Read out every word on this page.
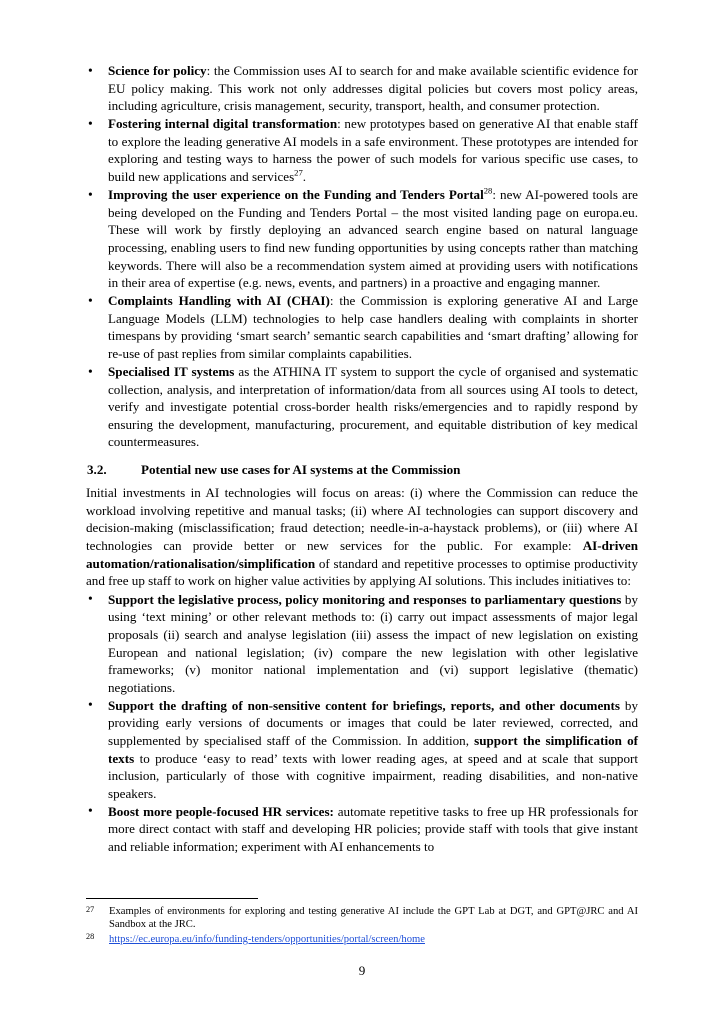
• Science for policy: the Commission uses AI to search for and make available scientific evidence for EU policy making. This work not only addresses digital policies but covers most policy areas, including agriculture, crisis management, security, transport, health, and consumer protection.
• Fostering internal digital transformation: new prototypes based on generative AI that enable staff to explore the leading generative AI models in a safe environment. These prototypes are intended for exploring and testing ways to harness the power of such models for various specific use cases, to build new applications and services$^{27}$.
• Improving the user experience on the Funding and Tenders Portal$^{28}$: new AI-powered tools are being developed on the Funding and Tenders Portal – the most visited landing page on europa.eu. These will work by firstly deploying an advanced search engine based on natural language processing, enabling users to find new funding opportunities by using concepts rather than matching keywords. There will also be a recommendation system aimed at providing users with notifications in their area of expertise (e.g. news, events, and partners) in a proactive and engaging manner.
• Complaints Handling with AI (CHAI): the Commission is exploring generative AI and Large Language Models (LLM) technologies to help case handlers dealing with complaints in shorter timespans by providing ‘smart search’ semantic search capabilities and ‘smart drafting’ allowing for re-use of past replies from similar complaints capabilities.
• Specialised IT systems as the ATHINA IT system to support the cycle of organised and systematic collection, analysis, and interpretation of information/data from all sources using AI tools to detect, verify and investigate potential cross-border health risks/emergencies and to rapidly respond by ensuring the development, manufacturing, procurement, and equitable distribution of key medical countermeasures.
3.2.	Potential new use cases for AI systems at the Commission

Initial investments in AI technologies will focus on areas: (i) where the Commission can reduce the workload involving repetitive and manual tasks; (ii) where AI technologies can support discovery and decision-making (misclassification; fraud detection; needle-in-a-haystack problems), or (iii) where AI technologies can provide better or new services for the public. For example: AI-driven automation/rationalisation/simplification of standard and repetitive processes to optimise productivity and free up staff to work on higher value activities by applying AI solutions. This includes initiatives to:

• Support the legislative process, policy monitoring and responses to parliamentary questions by using ‘text mining’ or other relevant methods to: (i) carry out impact assessments of major legal proposals (ii) search and analyse legislation (iii) assess the impact of new legislation on existing European and national legislation; (iv) compare the new legislation with other legislative frameworks; (v) monitor national implementation and (vi) support legislative (thematic) negotiations.
• Support the drafting of non-sensitive content for briefings, reports, and other documents by providing early versions of documents or images that could be later reviewed, corrected, and supplemented by specialised staff of the Commission. In addition, support the simplification of texts to produce ‘easy to read’ texts with lower reading ages, at speed and at scale that support inclusion, particularly of those with cognitive impairment, reading disabilities, and non-native speakers.
• Boost more people-focused HR services: automate repetitive tasks to free up HR professionals for more direct contact with staff and developing HR policies; provide staff with tools that give instant and reliable information; experiment with AI enhancements to
27 Examples of environments for exploring and testing generative AI include the GPT Lab at DGT, and GPT@JRC and AI Sandbox at the JRC.
28 https://ec.europa.eu/info/funding-tenders/opportunities/portal/screen/home
9
